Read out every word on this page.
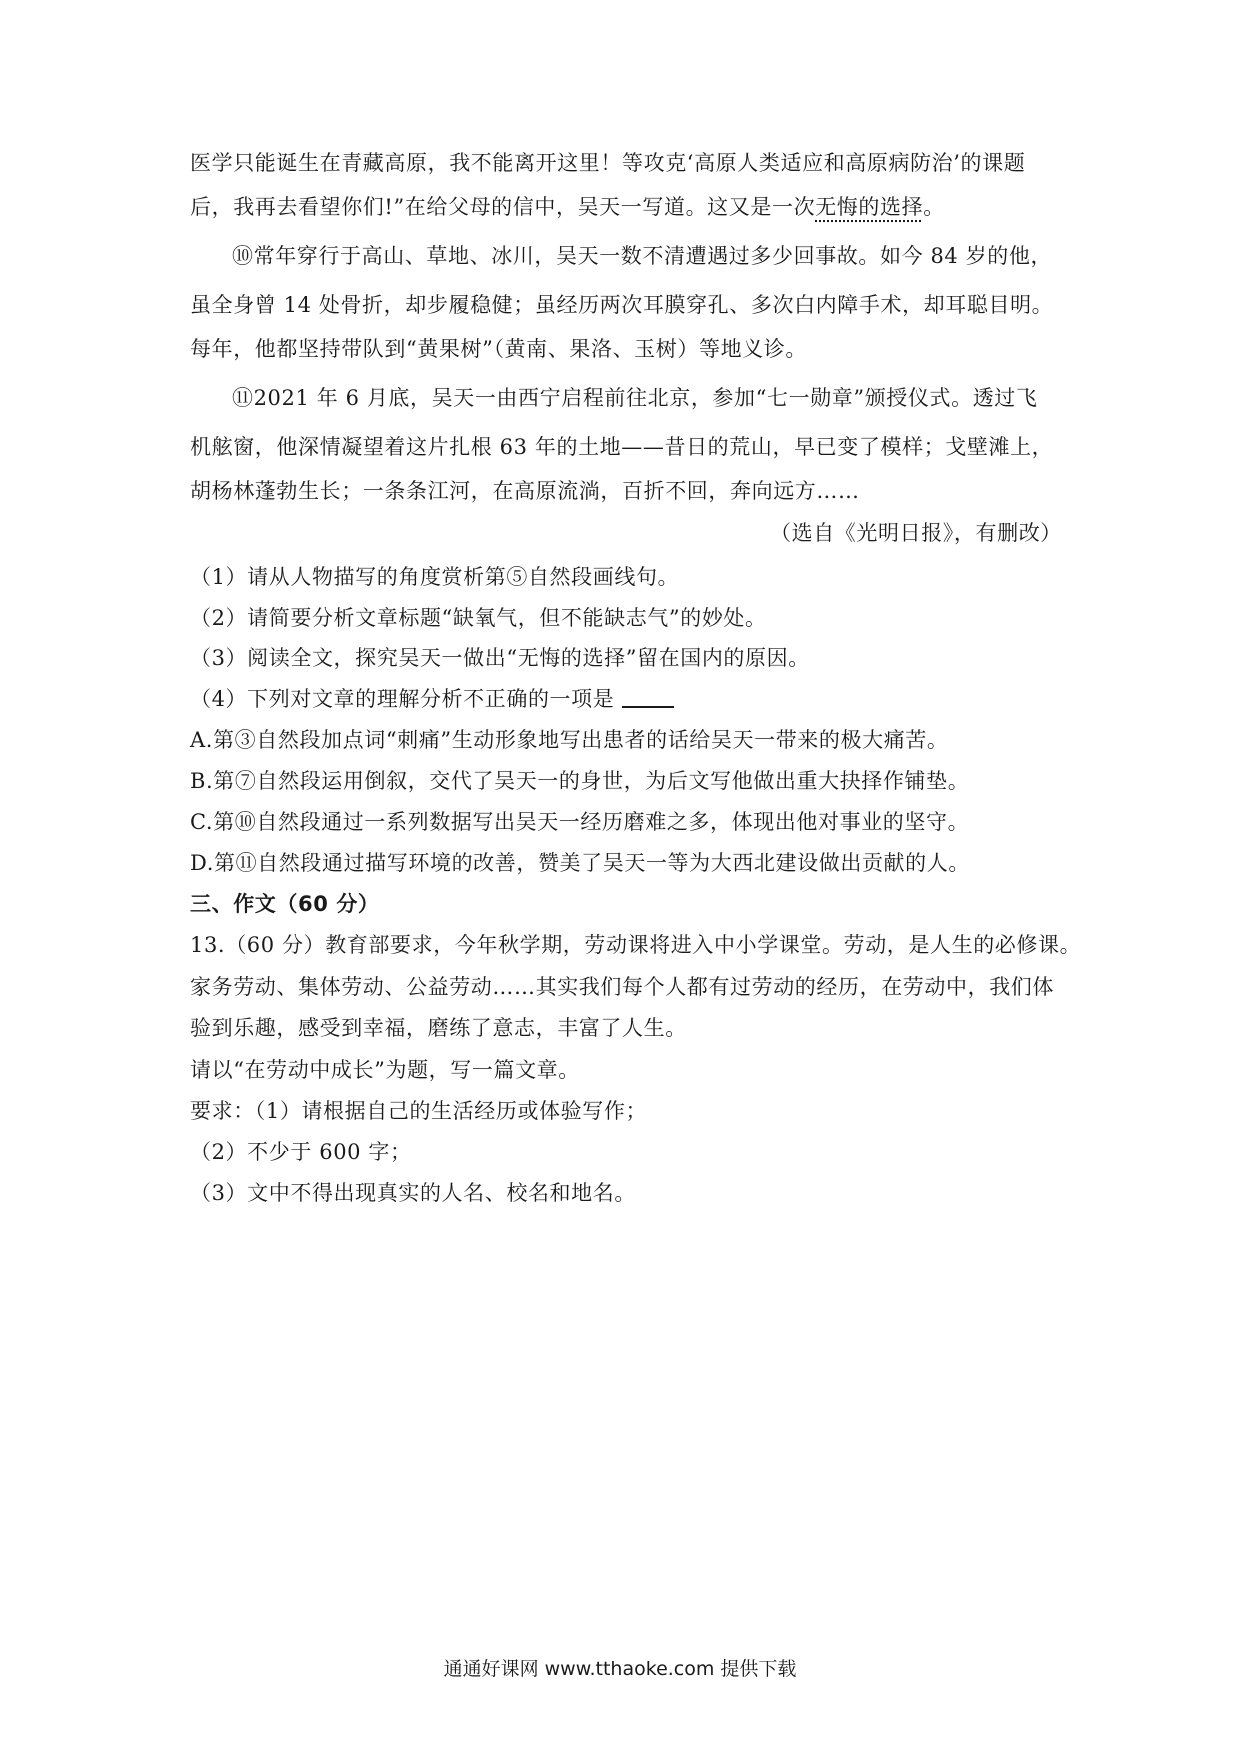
医学只能诞生在青藏高原，我不能离开这里！等攻克‘高原人类适应和高原病防治’的课题
后，我再去看望你们!”在给父母的信中，吴天一写道。这又是一次无悔的选择。
⑩常年穿行于高山、草地、冰川，吴天一数不清遭遇过多少回事故。如今 84 岁的他，
虽全身曾 14 处骨折，却步履稳健；虽经历两次耳膜穿孔、多次白内障手术，却耳聪目明。
每年，他都坚持带队到“黄果树”（黄南、果洛、玉树）等地义诊。
⑪2021 年 6 月底，吴天一由西宁启程前往北京，参加“七一勋章”颁授仪式。透过飞
机舷窗，他深情凝望着这片扎根 63 年的土地——昔日的荒山，早已变了模样；戈壁滩上，
胡杨林蓬勃生长；一条条江河，在高原流淌，百折不回，奔向远方……
（选自《光明日报》，有删改）
（1）请从人物描写的角度赏析第⑤自然段画线句。
（2）请简要分析文章标题“缺氧气，但不能缺志气”的妙处。
（3）阅读全文，探究吴天一做出“无悔的选择”留在国内的原因。
（4）下列对文章的理解分析不正确的一项是
A.第③自然段加点词“刺痛”生动形象地写出患者的话给吴天一带来的极大痛苦。
B.第⑦自然段运用倒叙，交代了吴天一的身世，为后文写他做出重大抉择作铺垫。
C.第⑩自然段通过一系列数据写出吴天一经历磨难之多，体现出他对事业的坚守。
D.第⑪自然段通过描写环境的改善，赞美了吴天一等为大西北建设做出贡献的人。
三、作文（60 分）
13.（60 分）教育部要求，今年秋学期，劳动课将进入中小学课堂。劳动，是人生的必修课。
家务劳动、集体劳动、公益劳动……其实我们每个人都有过劳动的经历，在劳动中，我们体
验到乐趣，感受到幸福，磨练了意志，丰富了人生。
请以“在劳动中成长”为题，写一篇文章。
要求：（1）请根据自己的生活经历或体验写作；
（2）不少于 600 字；
（3）文中不得出现真实的人名、校名和地名。
通通好课网 www.tthaoke.com 提供下载
